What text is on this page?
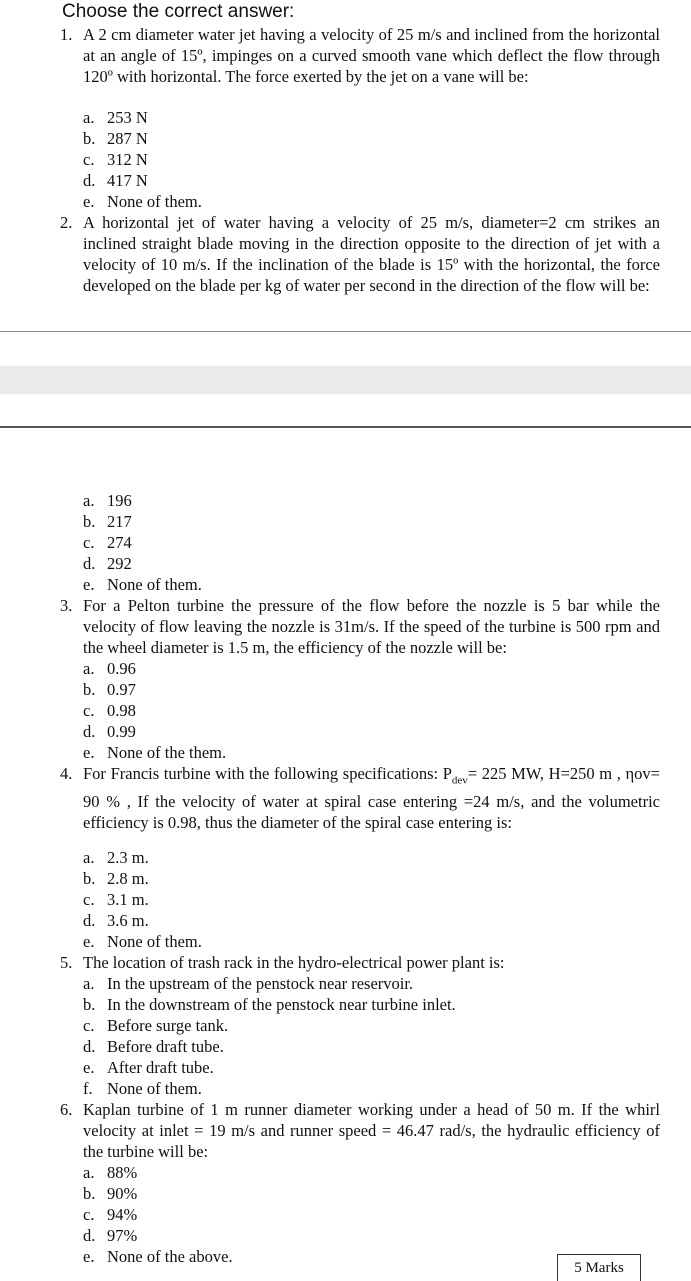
Choose the correct answer:
1. A 2 cm diameter water jet having a velocity of 25 m/s and inclined from the horizontal at an angle of 15º, impinges on a curved smooth vane which deflect the flow through 120º with horizontal. The force exerted by the jet on a vane will be:
a. 253 N
b. 287 N
c. 312 N
d. 417 N
e. None of them.
2. A horizontal jet of water having a velocity of 25 m/s, diameter=2 cm strikes an inclined straight blade moving in the direction opposite to the direction of jet with a velocity of 10 m/s. If the inclination of the blade is 15º with the horizontal, the force developed on the blade per kg of water per second in the direction of the flow will be:
a. 196
b. 217
c. 274
d. 292
e. None of them.
3. For a Pelton turbine the pressure of the flow before the nozzle is 5 bar while the velocity of flow leaving the nozzle is 31m/s. If the speed of the turbine is 500 rpm and the wheel diameter is 1.5 m, the efficiency of the nozzle will be:
a. 0.96
b. 0.97
c. 0.98
d. 0.99
e. None of the them.
4. For Francis turbine with the following specifications: $P_{dev}= 225$ MW, H=250 m , ηov= 90 % , If the velocity of water at spiral case entering =24 m/s, and the volumetric efficiency is 0.98, thus the diameter of the spiral case entering is:
a. 2.3 m.
b. 2.8 m.
c. 3.1 m.
d. 3.6 m.
e. None of them.
5. The location of trash rack in the hydro-electrical power plant is:
a. In the upstream of the penstock near reservoir.
b. In the downstream of the penstock near turbine inlet.
c. Before surge tank.
d. Before draft tube.
e. After draft tube.
f. None of them.
6. Kaplan turbine of 1 m runner diameter working under a head of 50 m. If the whirl velocity at inlet = 19 m/s and runner speed = 46.47 rad/s, the hydraulic efficiency of the turbine will be:
a. 88%
b. 90%
c. 94%
d. 97%
e. None of the above.
5 Marks
